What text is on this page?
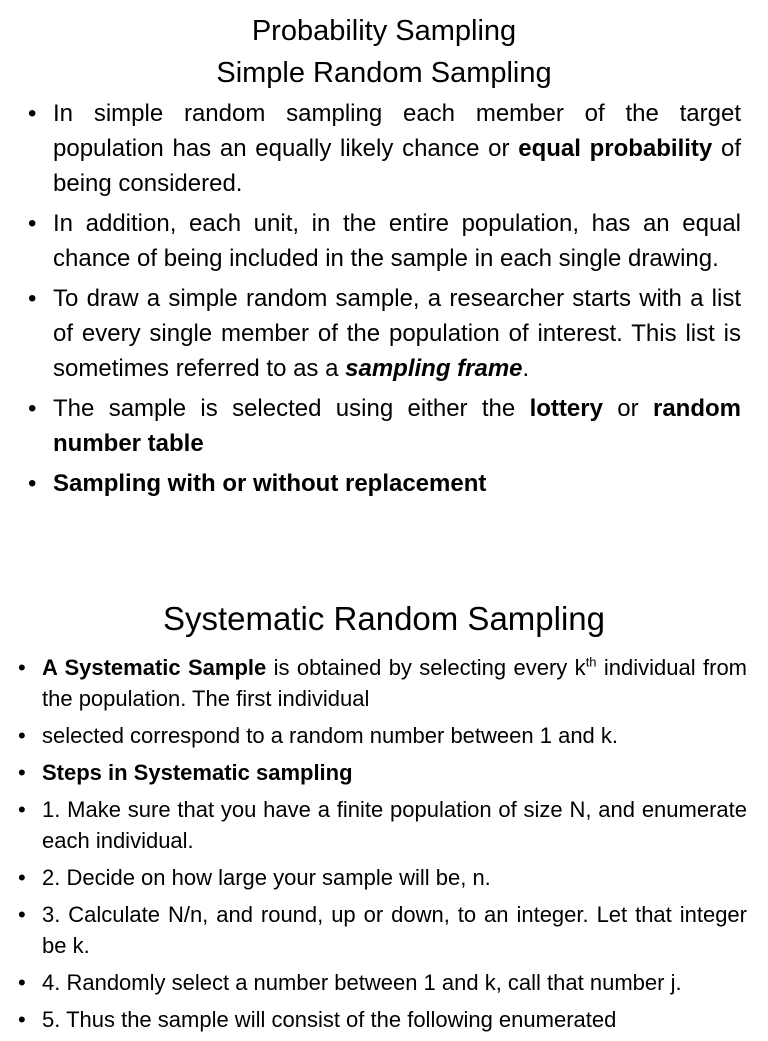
Probability Sampling
Simple Random Sampling
• In simple random sampling each member of the target population has an equally likely chance or equal probability of being considered.
• In addition, each unit, in the entire population, has an equal chance of being included in the sample in each single drawing.
• To draw a simple random sample, a researcher starts with a list of every single member of the population of interest. This list is sometimes referred to as a sampling frame.
• The sample is selected using either the lottery or random number table
• Sampling with or without replacement
Systematic Random Sampling
• A Systematic Sample is obtained by selecting every $k^{th}$ individual from the population. The first individual
• selected correspond to a random number between 1 and k.
• Steps in Systematic sampling
• 1. Make sure that you have a finite population of size N, and enumerate each individual.
• 2. Decide on how large your sample will be, n.
• 3. Calculate N/n, and round, up or down, to an integer. Let that integer be k.
• 4. Randomly select a number between 1 and k, call that number j.
• 5. Thus the sample will consist of the following enumerated
